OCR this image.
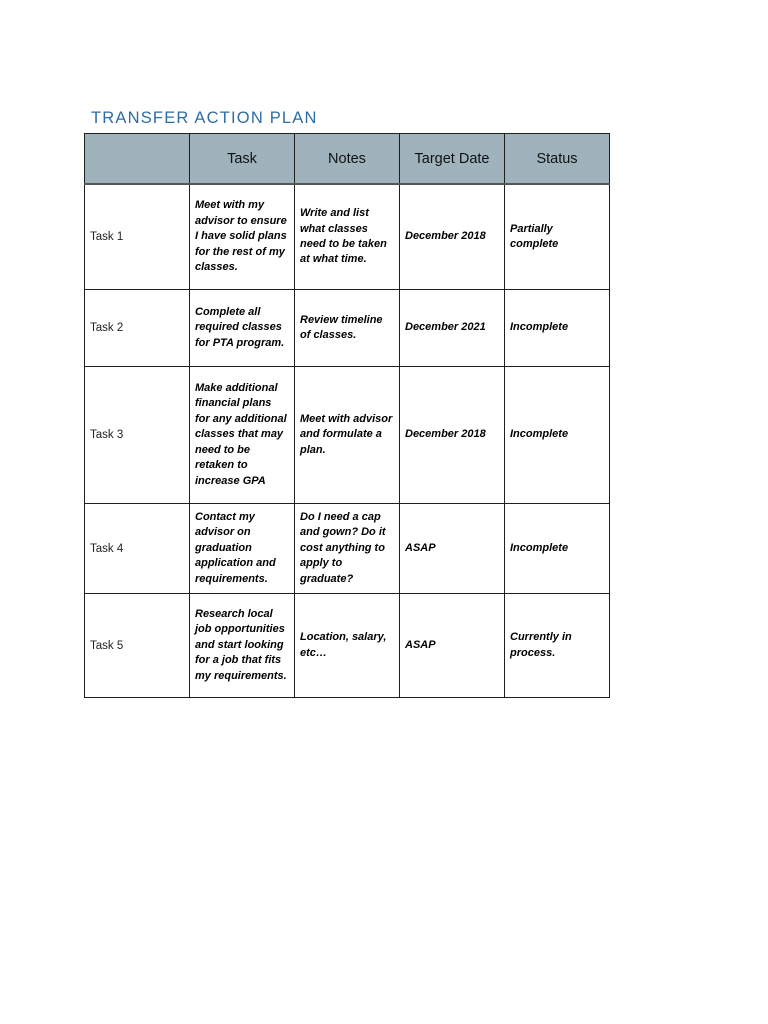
TRANSFER ACTION PLAN
	Task	Notes	Target Date	Status
Task 1	Meet with my advisor to ensure I have solid plans for the rest of my classes.	Write and list what classes need to be taken at what time.	December 2018	Partially complete
Task 2	Complete all required classes for PTA program.	Review timeline of classes.	December 2021	Incomplete
Task 3	Make additional financial plans for any additional classes that may need to be retaken to increase GPA	Meet with advisor and formulate a plan.	December 2018	Incomplete
Task 4	Contact my advisor on graduation application and requirements.	Do I need a cap and gown? Do it cost anything to apply to graduate?	ASAP	Incomplete
Task 5	Research local job opportunities and start looking for a job that fits my requirements.	Location, salary, etc…	ASAP	Currently in process.
